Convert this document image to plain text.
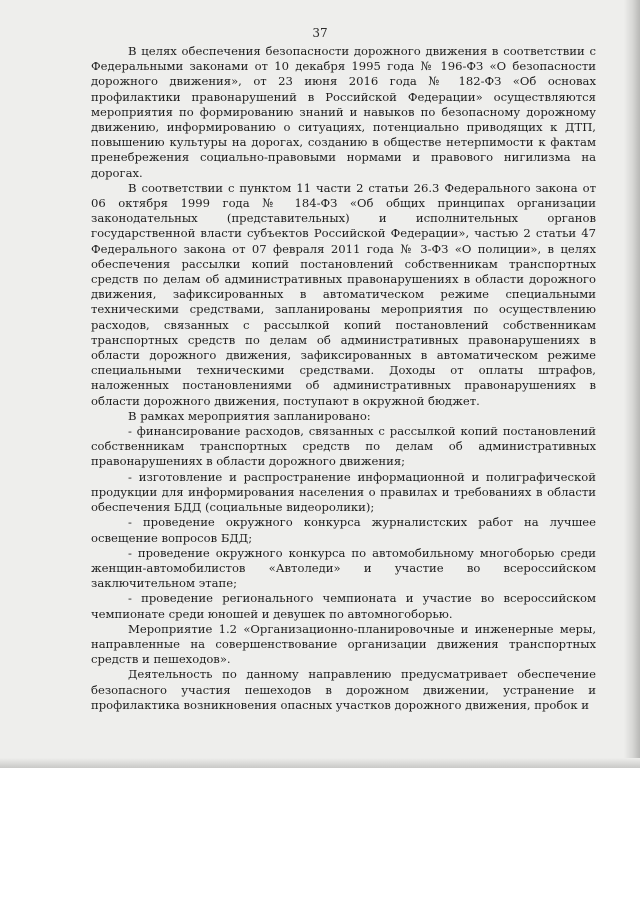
37

В целях обеспечения безопасности дорожного движения в соответствии с Федеральными законами от 10 декабря 1995 года № 196-ФЗ «О безопасности дорожного движения», от 23 июня 2016 года № 182-ФЗ «Об основах профилактики правонарушений в Российской Федерации» осуществляются мероприятия по формированию знаний и навыков по безопасному дорожному движению, информированию о ситуациях, потенциально приводящих к ДТП, повышению культуры на дорогах, созданию в обществе нетерпимости к фактам пренебрежения социально-правовыми нормами и правового нигилизма на дорогах.

В соответствии с пунктом 11 части 2 статьи 26.3 Федерального закона от 06 октября 1999 года № 184-ФЗ «Об общих принципах организации законодательных (представительных) и исполнительных органов государственной власти субъектов Российской Федерации», частью 2 статьи 47 Федерального закона от 07 февраля 2011 года № 3-ФЗ «О полиции», в целях обеспечения рассылки копий постановлений собственникам транспортных средств по делам об административных правонарушениях в области дорожного движения, зафиксированных в автоматическом режиме специальными техническими средствами, запланированы мероприятия по осуществлению расходов, связанных с рассылкой копий постановлений собственникам транспортных средств по делам об административных правонарушениях в области дорожного движения, зафиксированных в автоматическом режиме специальными техническими средствами. Доходы от оплаты штрафов, наложенных постановлениями об административных правонарушениях в области дорожного движения, поступают в окружной бюджет.

В рамках мероприятия запланировано:

- финансирование расходов, связанных с рассылкой копий постановлений собственникам транспортных средств по делам об административных правонарушениях в области дорожного движения;

- изготовление и распространение информационной и полиграфической продукции для информирования населения о правилах и требованиях в области обеспечения БДД (социальные видеоролики);

- проведение окружного конкурса журналистских работ на лучшее освещение вопросов БДД;

- проведение окружного конкурса по автомобильному многоборью среди женщин-автомобилистов «Автоледи» и участие во всероссийском заключительном этапе;

- проведение регионального чемпионата и участие во всероссийском чемпионате среди юношей и девушек по автомногоборью.

Мероприятие 1.2 «Организационно-планировочные и инженерные меры, направленные на совершенствование организации движения транспортных средств и пешеходов».

Деятельность по данному направлению предусматривает обеспечение безопасного участия пешеходов в дорожном движении, устранение и профилактика возникновения опасных участков дорожного движения, пробок и
